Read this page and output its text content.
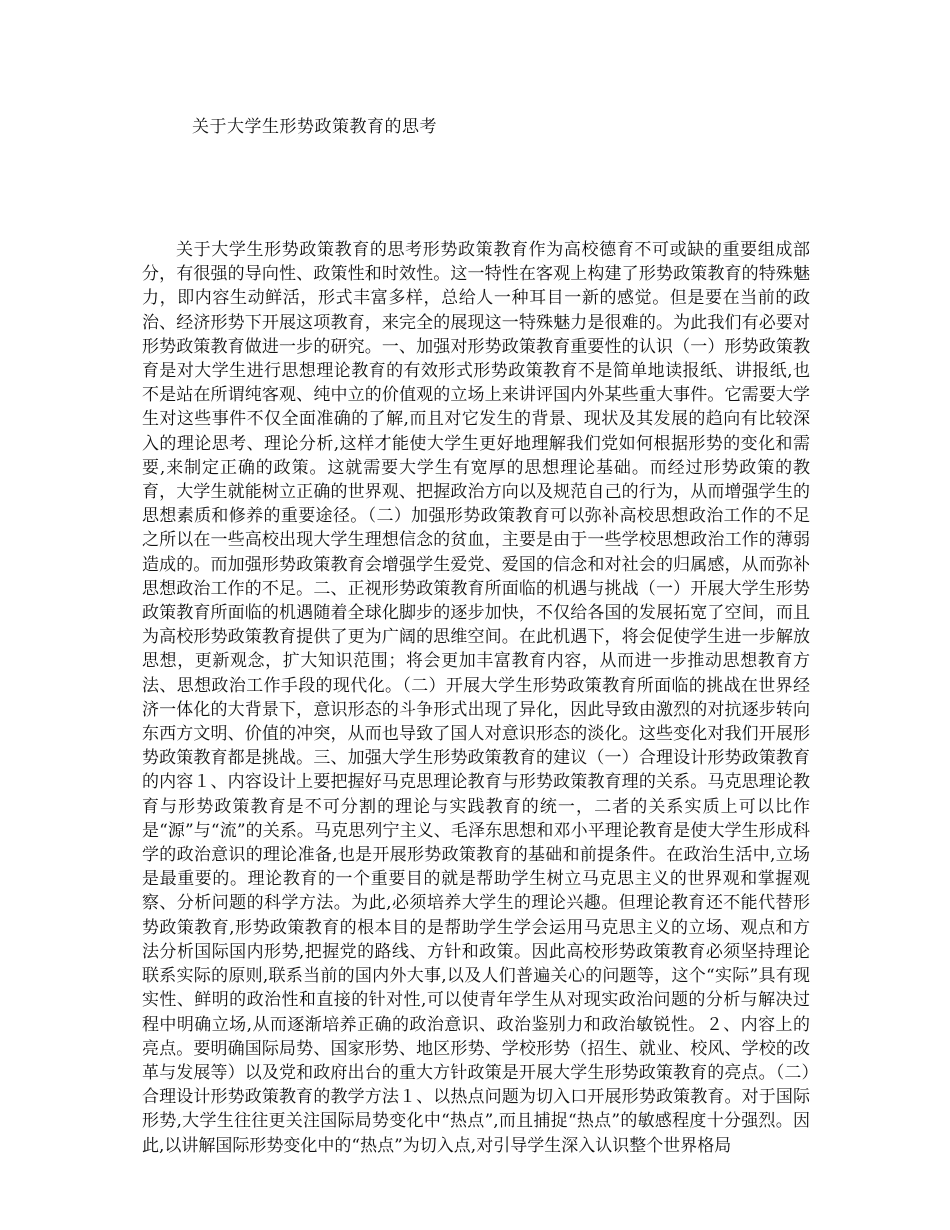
关于大学生形势政策教育的思考

关于大学生形势政策教育的思考形势政策教育作为高校德育不可或缺的重要组成部分，有很强的导向性、政策性和时效性。这一特性在客观上构建了形势政策教育的特殊魅力，即内容生动鲜活，形式丰富多样，总给人一种耳目一新的感觉。但是要在当前的政治、经济形势下开展这项教育，来完全的展现这一特殊魅力是很难的。为此我们有必要对形势政策教育做进一步的研究。一、加强对形势政策教育重要性的认识（一）形势政策教育是对大学生进行思想理论教育的有效形式形势政策教育不是简单地读报纸、讲报纸,也不是站在所谓纯客观、纯中立的价值观的立场上来讲评国内外某些重大事件。它需要大学生对这些事件不仅全面准确的了解,而且对它发生的背景、现状及其发展的趋向有比较深入的理论思考、理论分析,这样才能使大学生更好地理解我们党如何根据形势的变化和需要,来制定正确的政策。这就需要大学生有宽厚的思想理论基础。而经过形势政策的教育，大学生就能树立正确的世界观、把握政治方向以及规范自己的行为，从而增强学生的思想素质和修养的重要途径。（二）加强形势政策教育可以弥补高校思想政治工作的不足之所以在一些高校出现大学生理想信念的贫血，主要是由于一些学校思想政治工作的薄弱造成的。而加强形势政策教育会增强学生爱党、爱国的信念和对社会的归属感，从而弥补思想政治工作的不足。二、正视形势政策教育所面临的机遇与挑战（一）开展大学生形势政策教育所面临的机遇随着全球化脚步的逐步加快，不仅给各国的发展拓宽了空间，而且为高校形势政策教育提供了更为广阔的思维空间。在此机遇下，将会促使学生进一步解放思想，更新观念，扩大知识范围；将会更加丰富教育内容，从而进一步推动思想教育方法、思想政治工作手段的现代化。（二）开展大学生形势政策教育所面临的挑战在世界经济一体化的大背景下，意识形态的斗争形式出现了异化，因此导致由激烈的对抗逐步转向东西方文明、价值的冲突，从而也导致了国人对意识形态的淡化。这些变化对我们开展形势政策教育都是挑战。三、加强大学生形势政策教育的建议（一）合理设计形势政策教育的内容１、内容设计上要把握好马克思理论教育与形势政策教育理的关系。马克思理论教育与形势政策教育是不可分割的理论与实践教育的统一，二者的关系实质上可以比作是“源”与“流”的关系。马克思列宁主义、毛泽东思想和邓小平理论教育是使大学生形成科学的政治意识的理论准备,也是开展形势政策教育的基础和前提条件。在政治生活中,立场是最重要的。理论教育的一个重要目的就是帮助学生树立马克思主义的世界观和掌握观察、分析问题的科学方法。为此,必须培养大学生的理论兴趣。但理论教育还不能代替形势政策教育,形势政策教育的根本目的是帮助学生学会运用马克思主义的立场、观点和方法分析国际国内形势,把握党的路线、方针和政策。因此高校形势政策教育必须坚持理论联系实际的原则,联系当前的国内外大事,以及人们普遍关心的问题等，这个“实际”具有现实性、鲜明的政治性和直接的针对性,可以使青年学生从对现实政治问题的分析与解决过程中明确立场,从而逐渐培养正确的政治意识、政治鉴别力和政治敏锐性。２、内容上的亮点。要明确国际局势、国家形势、地区形势、学校形势（招生、就业、校风、学校的改革与发展等）以及党和政府出台的重大方针政策是开展大学生形势政策教育的亮点。（二）合理设计形势政策教育的教学方法１、以热点问题为切入口开展形势政策教育。对于国际形势,大学生往往更关注国际局势变化中“热点”,而且捕捉“热点”的敏感程度十分强烈。因此,以讲解国际形势变化中的“热点”为切入点,对引导学生深入认识整个世界格局
